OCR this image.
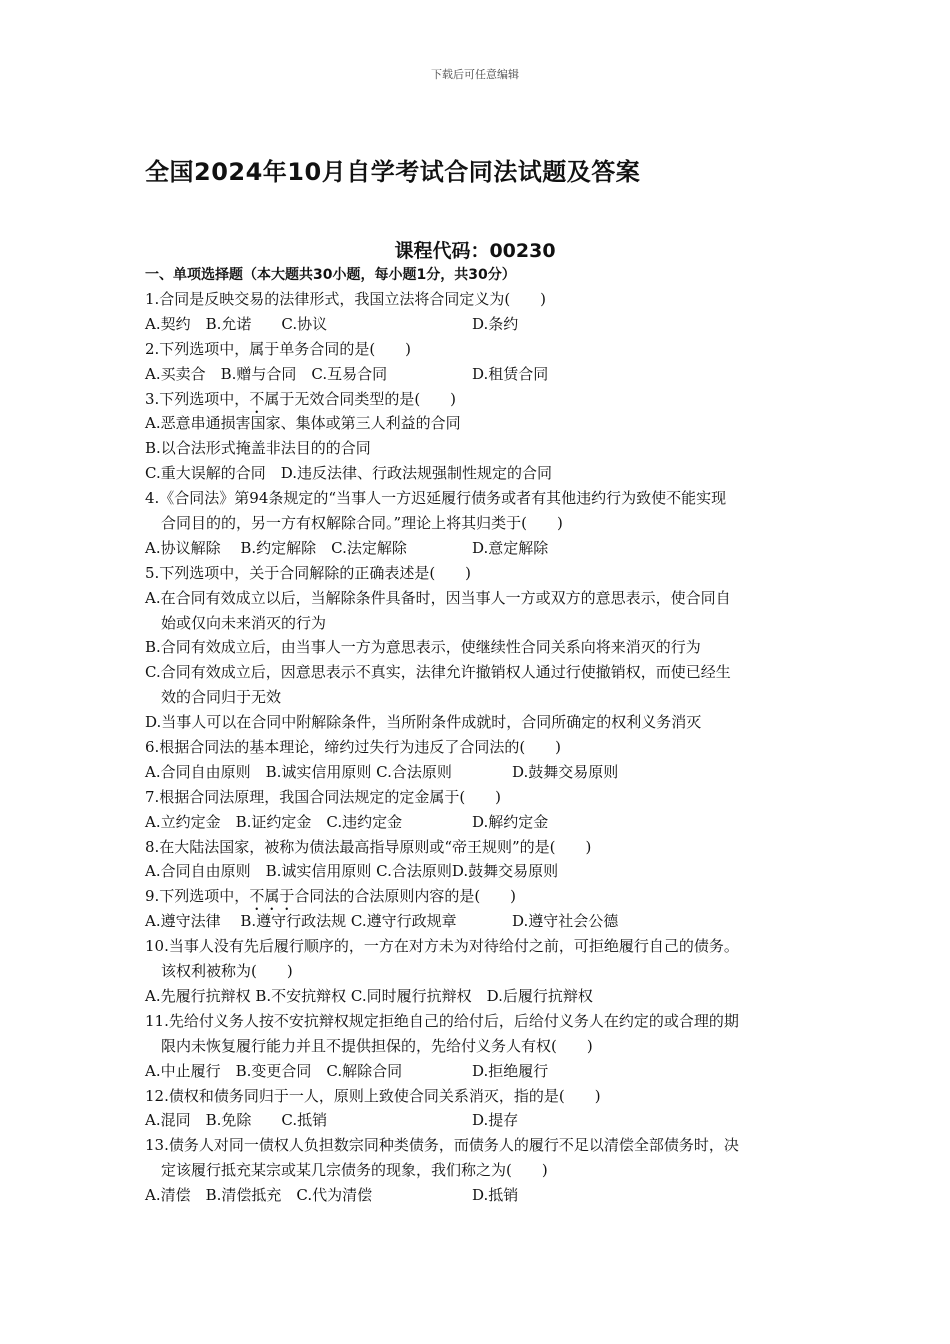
下载后可任意编辑
全国2024年10月自学考试合同法试题及答案
课程代码：00230
一、单项选择题（本大题共30小题，每小题1分，共30分）
1.合同是反映交易的法律形式，我国立法将合同定义为(　　)
A.契约　B.允诺　　C.协议	D.条约
2.下列选项中，属于单务合同的是(　　)
A.买卖合　B.赠与合同　C.互易合同	D.租赁合同
3.下列选项中，不属于无效合同类型的是(　　)
A.恶意串通损害国家、集体或第三人利益的合同
B.以合法形式掩盖非法目的的合同
C.重大误解的合同　D.违反法律、行政法规强制性规定的合同
4.《合同法》第94条规定的“当事人一方迟延履行债务或者有其他违约行为致使不能实现
合同目的的，另一方有权解除合同。”理论上将其归类于(　　)
A.协议解除　 B.约定解除　C.法定解除	D.意定解除
5.下列选项中，关于合同解除的正确表述是(　　)
A.在合同有效成立以后，当解除条件具备时，因当事人一方或双方的意思表示，使合同自
始或仅向未来消灭的行为
B.合同有效成立后，由当事人一方为意思表示，使继续性合同关系向将来消灭的行为
C.合同有效成立后，因意思表示不真实，法律允许撤销权人通过行使撤销权，而使已经生
效的合同归于无效
D.当事人可以在合同中附解除条件，当所附条件成就时，合同所确定的权利义务消灭
6.根据合同法的基本理论，缔约过失行为违反了合同法的(　　)
A.合同自由原则　B.诚实信用原则 C.合法原则	D.鼓舞交易原则
7.根据合同法原理，我国合同法规定的定金属于(　　)
A.立约定金　B.证约定金　C.违约定金	D.解约定金
8.在大陆法国家，被称为债法最高指导原则或“帝王规则”的是(　　)
A.合同自由原则　B.诚实信用原则 C.合法原则D.鼓舞交易原则
9.下列选项中，不属于合同法的合法原则内容的是(　　)
A.遵守法律　 B.遵守行政法规 C.遵守行政规章	D.遵守社会公德
10.当事人没有先后履行顺序的，一方在对方未为对待给付之前，可拒绝履行自己的债务。
该权利被称为(　　)
A.先履行抗辩权 B.不安抗辩权 C.同时履行抗辩权　D.后履行抗辩权
11.先给付义务人按不安抗辩权规定拒绝自己的给付后，后给付义务人在约定的或合理的期
限内未恢复履行能力并且不提供担保的，先给付义务人有权(　　)
A.中止履行　B.变更合同　C.解除合同	D.拒绝履行
12.债权和债务同归于一人，原则上致使合同关系消灭，指的是(　　)
A.混同　B.免除　　C.抵销	D.提存
13.债务人对同一债权人负担数宗同种类债务，而债务人的履行不足以清偿全部债务时，决
定该履行抵充某宗或某几宗债务的现象，我们称之为(　　)
A.清偿　B.清偿抵充　C.代为清偿	D.抵销
